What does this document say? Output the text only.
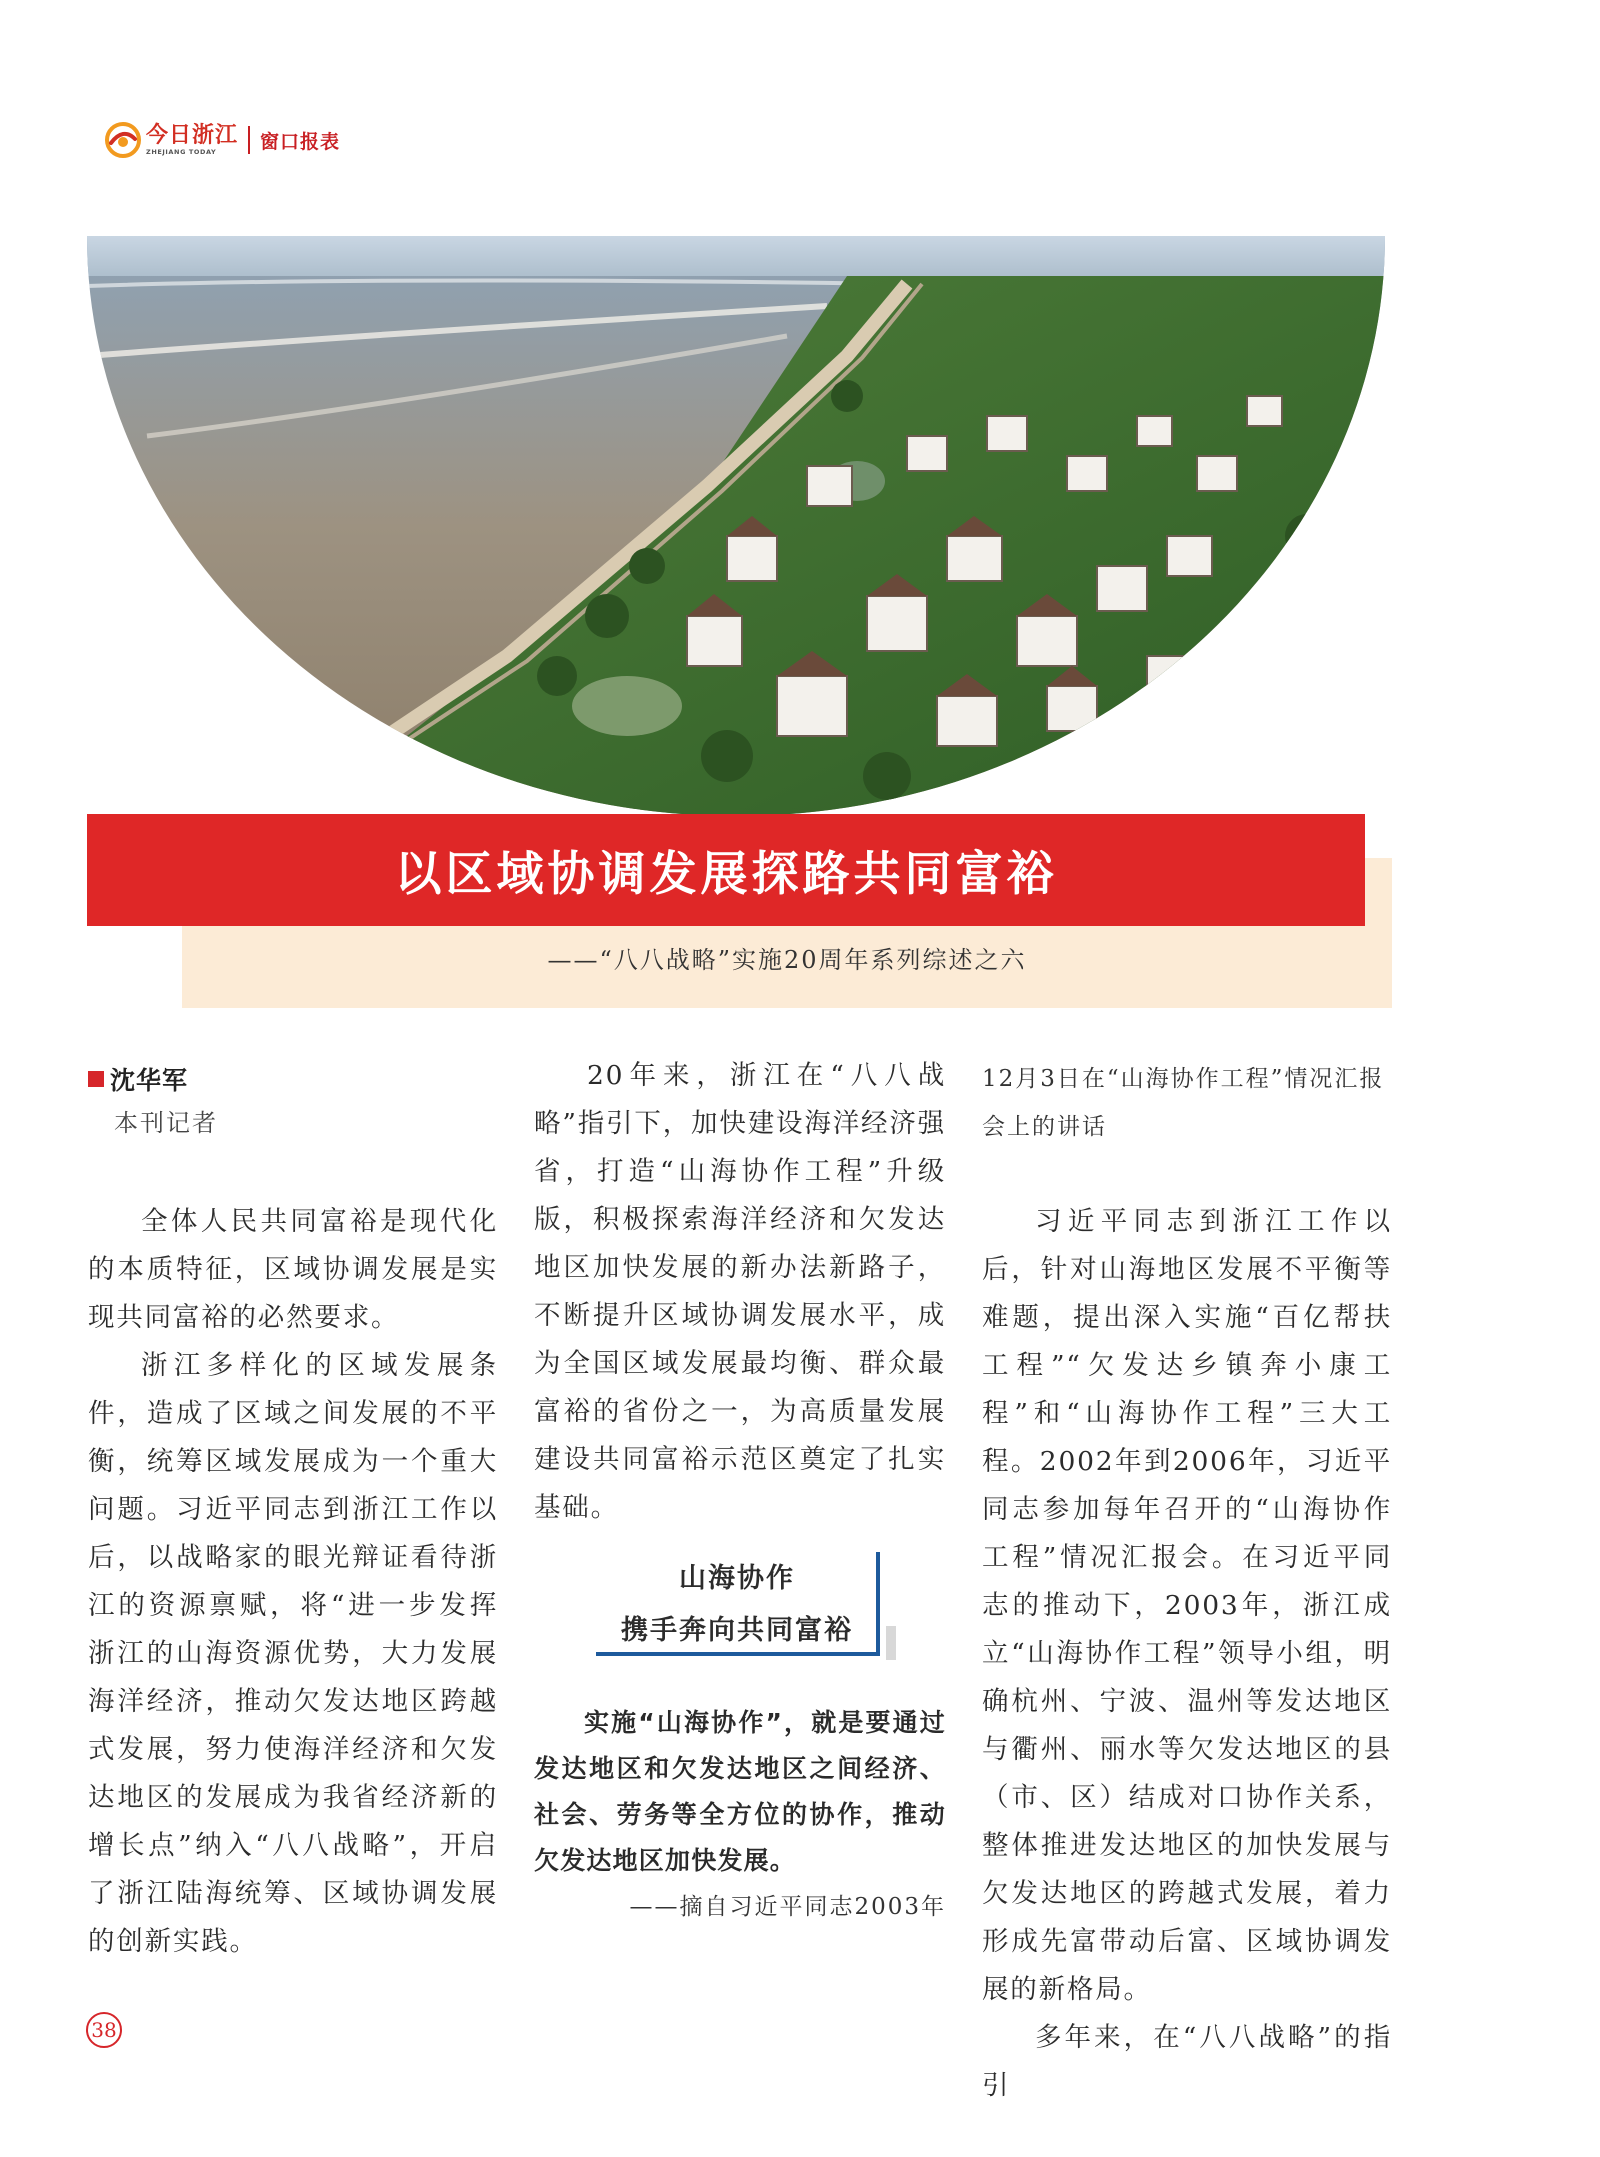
今日浙江
ZHEJIANG TODAY	窗口报表
以区域协调发展探路共同富裕
——“八八战略”实施20周年系列综述之六
沈华军
本刊记者

全体人民共同富裕是现代化的本质特征，区域协调发展是实现共同富裕的必然要求。

浙江多样化的区域发展条件，造成了区域之间发展的不平衡，统筹区域发展成为一个重大问题。习近平同志到浙江工作以后，以战略家的眼光辩证看待浙江的资源禀赋，将“进一步发挥浙江的山海资源优势，大力发展海洋经济，推动欠发达地区跨越式发展，努力使海洋经济和欠发达地区的发展成为我省经济新的增长点”纳入“八八战略”，开启了浙江陆海统筹、区域协调发展的创新实践。

20年来，浙江在“八八战略”指引下，加快建设海洋经济强省，打造“山海协作工程”升级版，积极探索海洋经济和欠发达地区加快发展的新办法新路子，不断提升区域协调发展水平，成为全国区域发展最均衡、群众最富裕的省份之一，为高质量发展建设共同富裕示范区奠定了扎实基础。

山海协作
携手奔向共同富裕

实施“山海协作”，就是要通过发达地区和欠发达地区之间经济、社会、劳务等全方位的协作，推动欠发达地区加快发展。

——摘自习近平同志2003年

12月3日在“山海协作工程”情况汇报会上的讲话

习近平同志到浙江工作以后，针对山海地区发展不平衡等难题，提出深入实施“百亿帮扶工程”“欠发达乡镇奔小康工程”和“山海协作工程”三大工程。2002年到2006年，习近平同志参加每年召开的“山海协作工程”情况汇报会。在习近平同志的推动下，2003年，浙江成立“山海协作工程”领导小组，明确杭州、宁波、温州等发达地区与衢州、丽水等欠发达地区的县（市、区）结成对口协作关系，整体推进发达地区的加快发展与欠发达地区的跨越式发展，着力形成先富带动后富、区域协调发展的新格局。

多年来，在“八八战略”的指引

38
